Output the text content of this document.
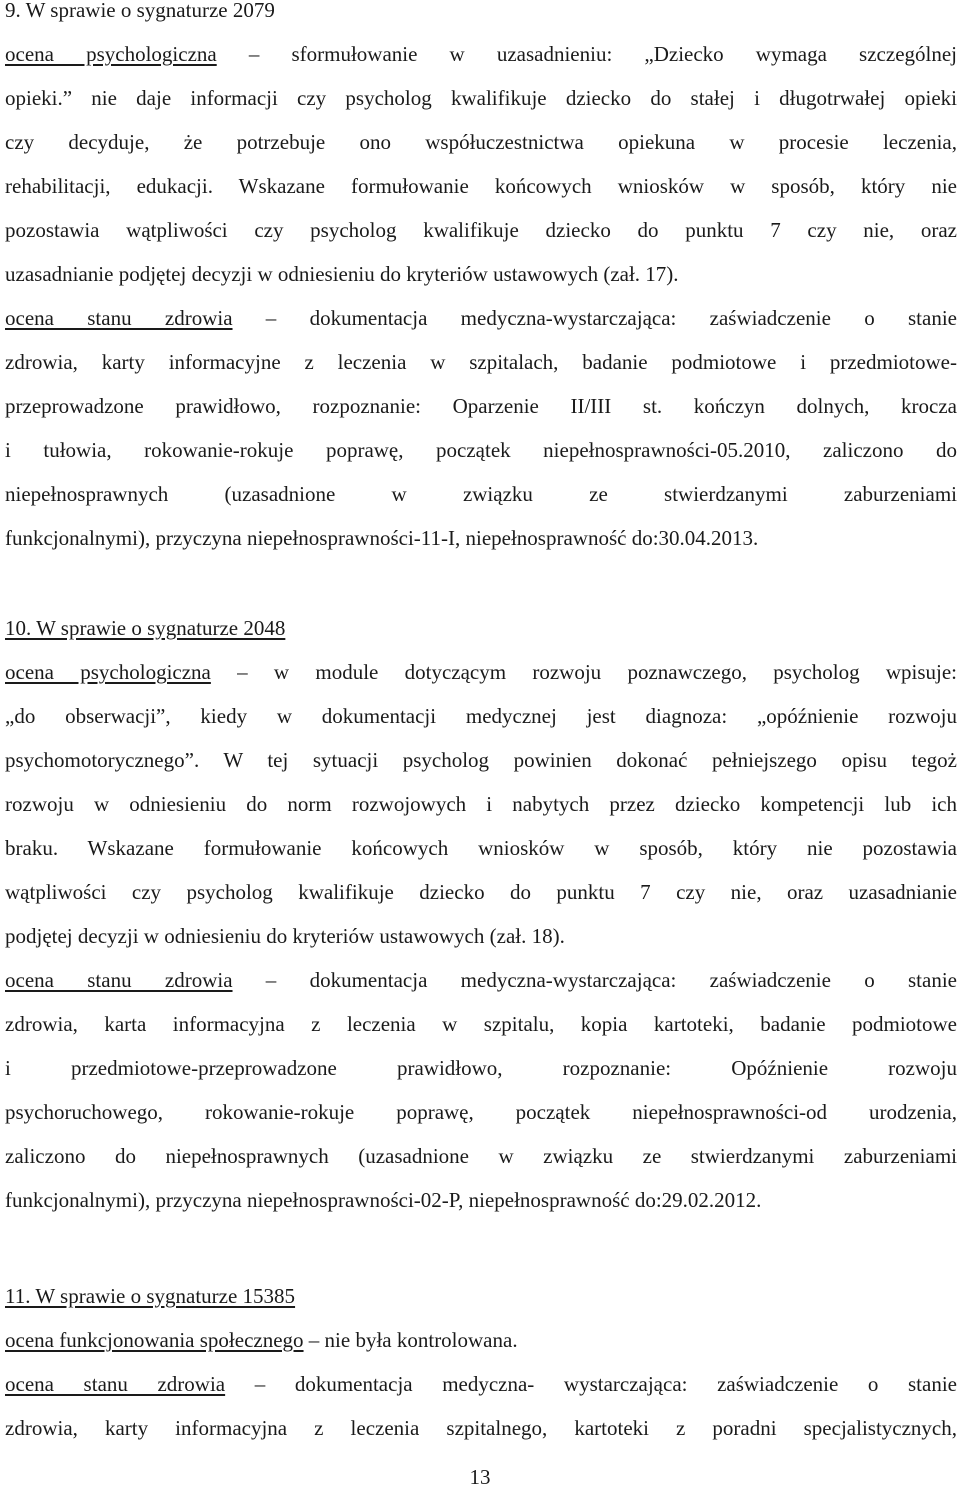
9. W sprawie o sygnaturze 2079
ocena psychologiczna – sformułowanie w uzasadnieniu: „Dziecko wymaga szczególnej
opieki.” nie daje informacji czy psycholog kwalifikuje dziecko do stałej i długotrwałej opieki
czy decyduje, że potrzebuje ono współuczestnictwa opiekuna w procesie leczenia,
rehabilitacji, edukacji. Wskazane formułowanie końcowych wniosków w sposób, który nie
pozostawia wątpliwości czy psycholog kwalifikuje dziecko do punktu 7 czy nie, oraz
uzasadnianie podjętej decyzji w odniesieniu do kryteriów ustawowych (zał. 17).
ocena stanu zdrowia – dokumentacja medyczna-wystarczająca: zaświadczenie o stanie
zdrowia, karty informacyjne z leczenia w szpitalach, badanie podmiotowe i przedmiotowe-
przeprowadzone prawidłowo, rozpoznanie: Oparzenie II/III st. kończyn dolnych, krocza
i tułowia, rokowanie-rokuje poprawę, początek niepełnosprawności-05.2010, zaliczono do
niepełnosprawnych (uzasadnione w związku ze stwierdzanymi zaburzeniami
funkcjonalnymi), przyczyna niepełnosprawności-11-I, niepełnosprawność do:30.04.2013.
10. W sprawie o sygnaturze 2048
ocena psychologiczna – w module dotyczącym rozwoju poznawczego, psycholog wpisuje:
„do obserwacji”, kiedy w dokumentacji medycznej jest diagnoza: „opóźnienie rozwoju
psychomotorycznego”. W tej sytuacji psycholog powinien dokonać pełniejszego opisu tegoż
rozwoju w odniesieniu do norm rozwojowych i nabytych przez dziecko kompetencji lub ich
braku. Wskazane formułowanie końcowych wniosków w sposób, który nie pozostawia
wątpliwości czy psycholog kwalifikuje dziecko do punktu 7 czy nie, oraz uzasadnianie
podjętej decyzji w odniesieniu do kryteriów ustawowych (zał. 18).
ocena stanu zdrowia – dokumentacja medyczna-wystarczająca: zaświadczenie o stanie
zdrowia, karta informacyjna z leczenia w szpitalu, kopia kartoteki, badanie podmiotowe
i przedmiotowe-przeprowadzone prawidłowo, rozpoznanie: Opóźnienie rozwoju
psychoruchowego, rokowanie-rokuje poprawę, początek niepełnosprawności-od urodzenia,
zaliczono do niepełnosprawnych (uzasadnione w związku ze stwierdzanymi zaburzeniami
funkcjonalnymi), przyczyna niepełnosprawności-02-P, niepełnosprawność do:29.02.2012.
11. W sprawie o sygnaturze 15385
ocena funkcjonowania społecznego – nie była kontrolowana.
ocena stanu zdrowia – dokumentacja medyczna- wystarczająca: zaświadczenie o stanie
zdrowia, karty informacyjna z leczenia szpitalnego, kartoteki z poradni specjalistycznych,
13
